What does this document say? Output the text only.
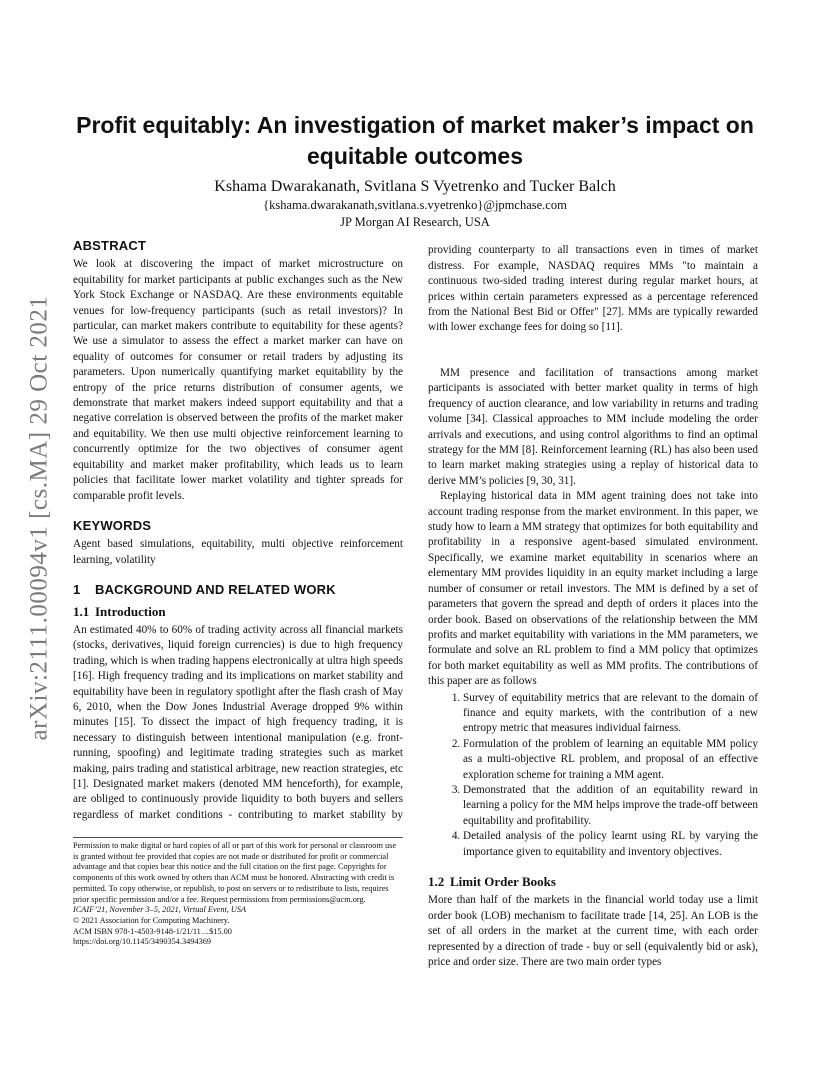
arXiv:2111.00094v1 [cs.MA] 29 Oct 2021
Profit equitably: An investigation of market maker’s impact on equitable outcomes
Kshama Dwarakanath, Svitlana S Vyetrenko and Tucker Balch
{kshama.dwarakanath,svitlana.s.vyetrenko}@jpmchase.com
JP Morgan AI Research, USA
ABSTRACT

We look at discovering the impact of market microstructure on equitability for market participants at public exchanges such as the New York Stock Exchange or NASDAQ. Are these environments equitable venues for low-frequency participants (such as retail investors)? In particular, can market makers contribute to equitability for these agents? We use a simulator to assess the effect a market marker can have on equality of outcomes for consumer or retail traders by adjusting its parameters. Upon numerically quantifying market equitability by the entropy of the price returns distribution of consumer agents, we demonstrate that market makers indeed support equitability and that a negative correlation is observed between the profits of the market maker and equitability. We then use multi objective reinforcement learning to concurrently optimize for the two objectives of consumer agent equitability and market maker profitability, which leads us to learn policies that facilitate lower market volatility and tighter spreads for comparable profit levels.

KEYWORDS

Agent based simulations, equitability, multi objective reinforcement learning, volatility

1 BACKGROUND AND RELATED WORK
1.1 Introduction

An estimated 40% to 60% of trading activity across all financial markets (stocks, derivatives, liquid foreign currencies) is due to high frequency trading, which is when trading happens electronically at ultra high speeds [16]. High frequency trading and its implications on market stability and equitability have been in regulatory spotlight after the flash crash of May 6, 2010, when the Dow Jones Industrial Average dropped 9% within minutes [15]. To dissect the impact of high frequency trading, it is necessary to distinguish between intentional manipulation (e.g. front-running, spoofing) and legitimate trading strategies such as market making, pairs trading and statistical arbitrage, new reaction strategies, etc [1]. Designated market makers (denoted MM henceforth), for example, are obliged to continuously provide liquidity to both buyers and sellers regardless of market conditions - contributing to market stability by

providing counterparty to all transactions even in times of market distress. For example, NASDAQ requires MMs "to maintain a continuous two-sided trading interest during regular market hours, at prices within certain parameters expressed as a percentage referenced from the National Best Bid or Offer" [27]. MMs are typically rewarded with lower exchange fees for doing so [11].

MM presence and facilitation of transactions among market participants is associated with better market quality in terms of high frequency of auction clearance, and low variability in returns and trading volume [34]. Classical approaches to MM include modeling the order arrivals and executions, and using control algorithms to find an optimal strategy for the MM [8]. Reinforcement learning (RL) has also been used to learn market making strategies using a replay of historical data to derive MM’s policies [9, 30, 31].

Replaying historical data in MM agent training does not take into account trading response from the market environment. In this paper, we study how to learn a MM strategy that optimizes for both equitability and profitability in a responsive agent-based simulated environment. Specifically, we examine market equitability in scenarios where an elementary MM provides liquidity in an equity market including a large number of consumer or retail investors. The MM is defined by a set of parameters that govern the spread and depth of orders it places into the order book. Based on observations of the relationship between the MM profits and market equitability with variations in the MM parameters, we formulate and solve an RL problem to find a MM policy that optimizes for both market equitability as well as MM profits. The contributions of this paper are as follows

1. Survey of equitability metrics that are relevant to the domain of finance and equity markets, with the contribution of a new entropy metric that measures individual fairness.
2. Formulation of the problem of learning an equitable MM policy as a multi-objective RL problem, and proposal of an effective exploration scheme for training a MM agent.
3. Demonstrated that the addition of an equitability reward in learning a policy for the MM helps improve the trade-off between equitability and profitability.
4. Detailed analysis of the policy learnt using RL by varying the importance given to equitability and inventory objectives.
1.2 Limit Order Books

More than half of the markets in the financial world today use a limit order book (LOB) mechanism to facilitate trade [14, 25]. An LOB is the set of all orders in the market at the current time, with each order represented by a direction of trade - buy or sell (equivalently bid or ask), price and order size. There are two main order types

Permission to make digital or hard copies of all or part of this work for personal or classroom use is granted without fee provided that copies are not made or distributed for profit or commercial advantage and that copies bear this notice and the full citation on the first page. Copyrights for components of this work owned by others than ACM must be honored. Abstracting with credit is permitted. To copy otherwise, or republish, to post on servers or to redistribute to lists, requires prior specific permission and/or a fee. Request permissions from permissions@acm.org.

ICAIF’21, November 3–5, 2021, Virtual Event, USA

© 2021 Association for Computing Machinery.

ACM ISBN 978-1-4503-9148-1/21/11…$15.00

https://doi.org/10.1145/3490354.3494369
